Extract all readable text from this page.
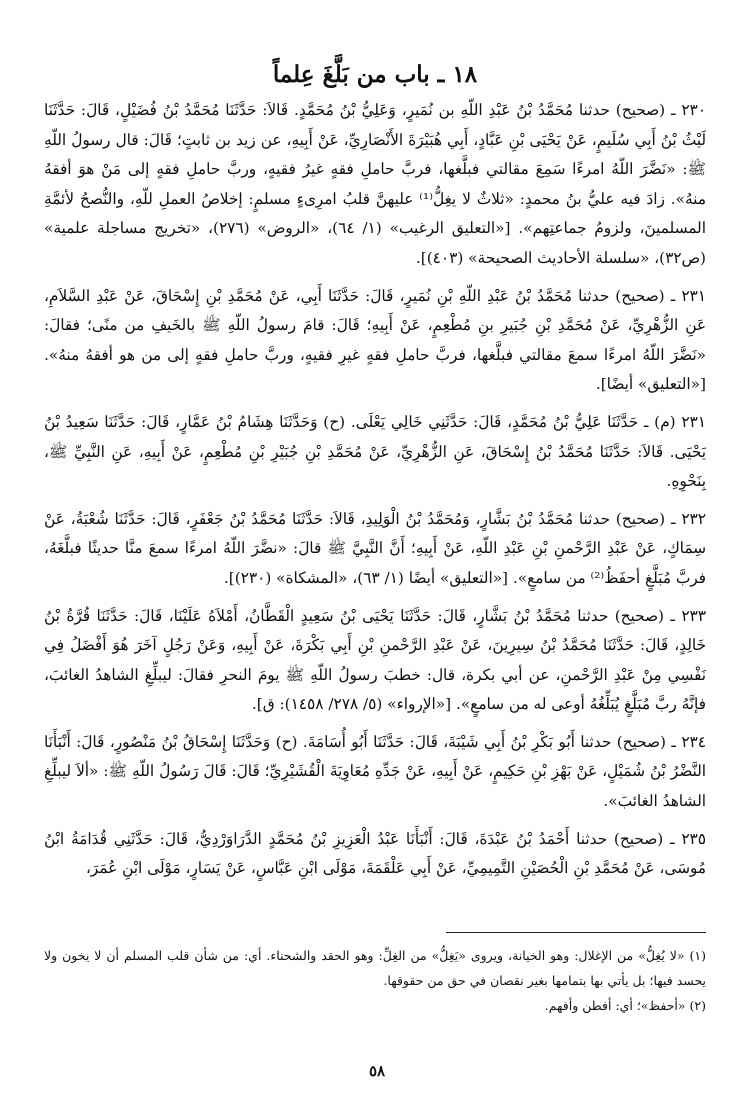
١٨ ـ باب من بَلَّغَ عِلماً

٢٣٠ ـ (صحيح) حدثنا مُحَمَّدُ بْنُ عَبْدِ اللّهِ بن نُمَيرٍ، وَعَلِيُّ بْنُ مُحَمَّدٍ. قَالاَ: حَدَّثَنَا مُحَمَّدُ بْنُ فُضَيْلٍ، قَالَ: حَدَّثَنَا لَيْثُ بْنُ أَبِي سُلَيمٍ، عَنْ يَحْيَى بْنِ عَبَّادٍ، أَبِي هُبَيْرَةَ الأَنْصَارِيِّ، عَنْ أَبِيهِ، عن زيد بن ثابتٍ؛ قَالَ: قال رسولُ اللّهِ ﷺ: «نَضَّرَ اللّهُ امرءًا سَمِعَ مقالتي فبلَّغها، فربَّ حاملِ فقهٍ غيرُ فقيهٍ، وربَّ حاملِ فقهٍ إلى مَنْ هوَ أفقهُ منهُ». زادَ فيه عليُّ بنُ محمدٍ: «ثلاثٌ لا يغِلُّ⁽¹⁾ عليهنَّ قلبُ امرِىءٍ مسلمٍ: إخلاصُ العملِ للّهِ، والنُّصحُ لأئمَّةِ المسلمينَ، ولزومُ جماعتِهم». [«التعليق الرغيب» (١/ ٦٤)، «الروض» (٢٧٦)، «تخريج مساجلة علمية» (ص٣٢)، «سلسلة الأحاديث الصحيحة» (٤٠٣)].

٢٣١ ـ (صحيح) حدثنا مُحَمَّدُ بْنُ عَبْدِ اللّهِ بْنِ نُمَيرٍ، قَالَ: حَدَّثَنَا أَبِي، عَنْ مُحَمَّدِ بْنِ إِسْحَاقَ، عَنْ عَبْدِ السَّلاَمِ، عَنِ الزُّهْرِيِّ، عَنْ مُحَمَّدِ بْنِ جُبَيرِ بنِ مُطْعِمٍ، عَنْ أَبِيهِ؛ قَالَ: قامَ رسولُ اللّهِ ﷺ بالخَيفِ من منًى؛ فقالَ: «نَضَّرَ اللّهُ امرءًا سمعَ مقالتي فبلَّغها، فربَّ حاملِ فقهٍ غيرِ فقيهٍ، وربَّ حاملِ فقهٍ إلى من هو أفقهُ منهُ». [«التعليق» أيضًا].

٢٣١ (م) ـ حَدَّثَنَا عَلِيُّ بْنُ مُحَمَّدٍ، قَالَ: حَدَّثَنِي خَالِي يَعْلَى. (ح) وَحَدَّثَنَا هِشَامُ بْنُ عَمَّارٍ، قَالَ: حَدَّثَنَا سَعِيدُ بْنُ يَحْيَى. قَالاَ: حَدَّثَنَا مُحَمَّدُ بْنُ إِسْحَاقَ، عَنِ الزُّهْرِيِّ، عَنْ مُحَمَّدِ بْنِ جُبَيْرِ بْنِ مُطْعِمٍ، عَنْ أَبِيهِ، عَنِ النَّبِيِّ ﷺ، بِنَحْوِهِ.

٢٣٢ ـ (صحيح) حدثنا مُحَمَّدُ بْنُ بَشَّارٍ، وَمُحَمَّدُ بْنُ الْوَلِيدِ، قَالاَ: حَدَّثَنَا مُحَمَّدُ بْنُ جَعْفَرٍ، قَالَ: حَدَّثَنَا شُعْبَةُ، عَنْ سِمَاكٍ، عَنْ عَبْدِ الرَّحْمنِ بْنِ عَبْدِ اللّهِ، عَنْ أَبِيهِ؛ أَنَّ النَّبِيَّ ﷺ قالَ: «نضَّرَ اللّهُ امرءًا سمعَ منَّا حديثًا فبلَّغَهُ، فربَّ مُبَلَّغٍ أحفَظُ⁽²⁾ من سامعٍ». [«التعليق» أيضًا (١/ ٦٣)، «المشكاة» (٢٣٠)].

٢٣٣ ـ (صحيح) حدثنا مُحَمَّدُ بْنُ بَشَّارٍ، قَالَ: حَدَّثَنَا يَحْيَى بْنُ سَعِيدٍ الْقَطَّانُ، أَمْلاَهُ عَلَيْنَا، قَالَ: حَدَّثَنَا قُرَّةُ بْنُ خَالِدٍ، قَالَ: حَدَّثَنَا مُحَمَّدُ بْنُ سِيرِينَ، عَنْ عَبْدِ الرَّحْمنِ بْنِ أَبِي بَكْرَةَ، عَنْ أَبِيهِ، وَعَنْ رَجُلٍ آخَرَ هُوَ أَفْضَلُ فِي نَفْسِي مِنْ عَبْدِ الرَّحْمنِ، عن أبي بكرة، قال: خطبَ رسولُ اللّهِ ﷺ يومَ النحرِ فقالَ: ليبلِّغِ الشاهدُ الغائبَ، فإنَّهُ ربَّ مُبَلَّغٍ يُبَلِّغُهُ أوعى له من سامعٍ». [«الإرواء» (٥/ ٢٧٨/ ١٤٥٨): ق].

٢٣٤ ـ (صحيح) حدثنا أَبُو بَكْرِ بْنُ أَبِي شَيْبَةَ، قَالَ: حَدَّثَنَا أَبُو أُسَامَةَ. (ح) وَحَدَّثَنَا إِسْحَاقُ بْنُ مَنْصُورٍ، قَالَ: أَنْبَأَنَا النَّضْرُ بْنُ شُمَيْلٍ، عَنْ بَهْزِ بْنِ حَكِيمٍ، عَنْ أَبِيهِ، عَنْ جَدِّهِ مُعَاوِيَةَ الْقُشَيْرِيِّ؛ قَالَ: قَالَ رَسُولُ اللّهِ ﷺ: «ألاَ ليبلِّغِ الشاهدُ الغائبَ».

٢٣٥ ـ (صحيح) حدثنا أَحْمَدُ بْنُ عَبْدَةَ، قَالَ: أَنْبَأَنَا عَبْدُ الْعَزِيزِ بْنُ مُحَمَّدٍ الدَّرَاوَرْدِيُّ، قَالَ: حَدَّثَنِي قُدَامَةُ ابْنُ مُوسَى، عَنْ مُحَمَّدِ بْنِ الْحُصَيْنِ التَّمِيمِيِّ، عَنْ أَبِي عَلْقَمَةَ، مَوْلَى ابْنِ عَبَّاسٍ، عَنْ يَسَارٍ، مَوْلَى ابْنِ عُمَرَ،

(١) «لا يُغِلُّ» من الإغلال: وهو الخيانة، ويروى «يَغِلُّ» من الغِلِّ: وهو الحقد والشحناء. أي: من شأن قلب المسلم أن لا يخون ولا يحسد فيها؛ بل يأتي بها بتمامها بغير نقصان في حق من حقوقها.

(٢) «أحفظ»؛ أي: أفطن وأفهم.

٥٨
